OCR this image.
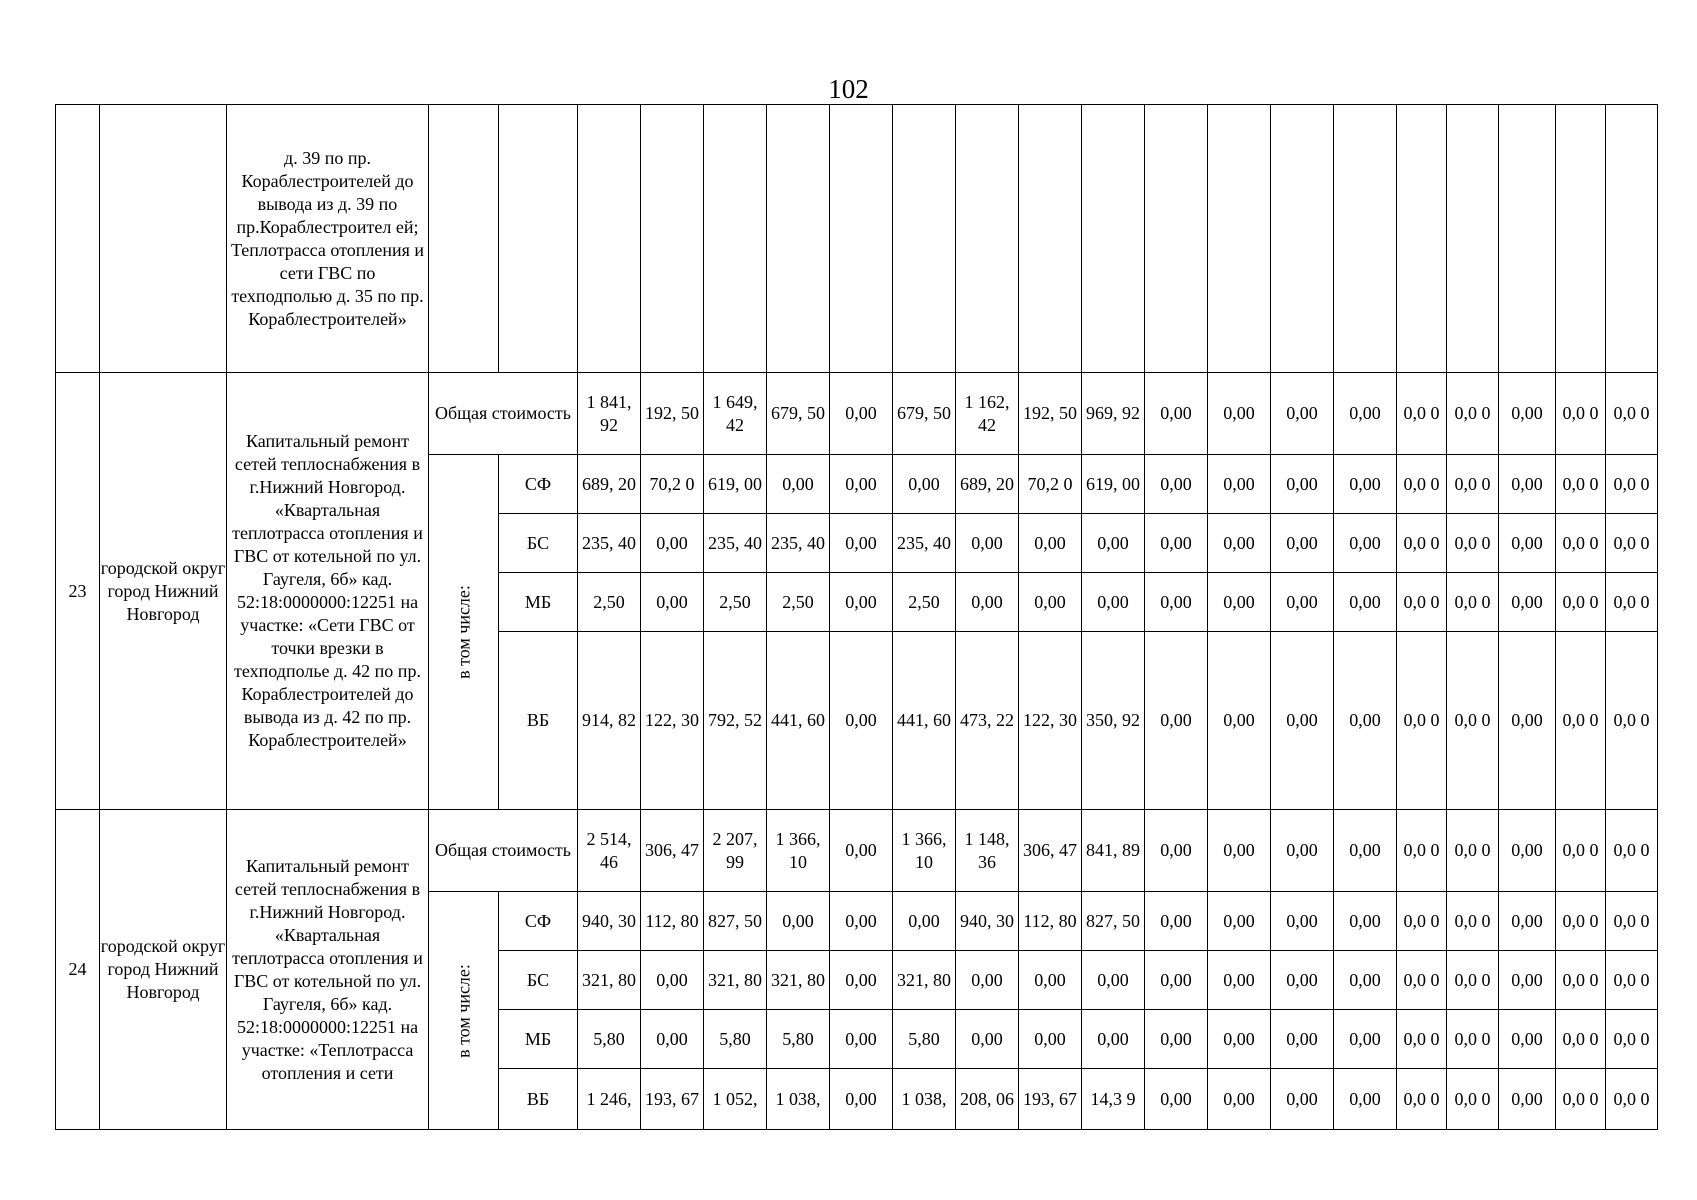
102
		д. 39 по пр. Кораблестроителей до вывода из д. 39 по пр.Кораблестроител ей; Теплотрасса отопления и сети ГВС по техподполью д. 35 по пр. Кораблестроителей»																				
23	городской округ город Нижний Новгород	Капитальный ремонт сетей теплоснабжения в г.Нижний Новгород. «Квартальная теплотрасса отопления и ГВС от котельной по ул. Гаугеля, 6б» кад. 52:18:0000000:12251 на участке: «Сети ГВС от точки врезки в техподполье д. 42 по пр. Кораблестроителей до вывода из д. 42 по пр. Кораблестроителей»	Общая стоимость		1 841, 92	192, 50	1 649, 42	679, 50	0,00	679, 50	1 162, 42	192, 50	969, 92	0,00	0,00	0,00	0,00	0,0 0	0,0 0	0,00	0,0 0	0,0 0

			в том числе:	СФ	689, 20	70,2 0	619, 00	0,00	0,00	0,00	689, 20	70,2 0	619, 00	0,00	0,00	0,00	0,00	0,0 0	0,0 0	0,00	0,0 0	0,0 0
				БС	235, 40	0,00	235, 40	235, 40	0,00	235, 40	0,00	0,00	0,00	0,00	0,00	0,00	0,00	0,0 0	0,0 0	0,00	0,0 0	0,0 0
				МБ	2,50	0,00	2,50	2,50	0,00	2,50	0,00	0,00	0,00	0,00	0,00	0,00	0,00	0,0 0	0,0 0	0,00	0,0 0	0,0 0
				ВБ	914, 82	122, 30	792, 52	441, 60	0,00	441, 60	473, 22	122, 30	350, 92	0,00	0,00	0,00	0,00	0,0 0	0,0 0	0,00	0,0 0	0,0 0
24	городской округ город Нижний Новгород	Капитальный ремонт сетей теплоснабжения в г.Нижний Новгород. «Квартальная теплотрасса отопления и ГВС от котельной по ул. Гаугеля, 6б» кад. 52:18:0000000:12251 на участке: «Теплотрасса отопления и сети	Общая стоимость		2 514, 46	306, 47	2 207, 99	1 366, 10	0,00	1 366, 10	1 148, 36	306, 47	841, 89	0,00	0,00	0,00	0,00	0,0 0	0,0 0	0,00	0,0 0	0,0 0

			в том числе:	СФ	940, 30	112, 80	827, 50	0,00	0,00	0,00	940, 30	112, 80	827, 50	0,00	0,00	0,00	0,00	0,0 0	0,0 0	0,00	0,0 0	0,0 0
				БС	321, 80	0,00	321, 80	321, 80	0,00	321, 80	0,00	0,00	0,00	0,00	0,00	0,00	0,00	0,0 0	0,0 0	0,00	0,0 0	0,0 0
				МБ	5,80	0,00	5,80	5,80	0,00	5,80	0,00	0,00	0,00	0,00	0,00	0,00	0,00	0,0 0	0,0 0	0,00	0,0 0	0,0 0
				ВБ	1 246,	193, 67	1 052,	1 038,	0,00	1 038,	208, 06	193, 67	14,3 9	0,00	0,00	0,00	0,00	0,0 0	0,0 0	0,00	0,0 0	0,0 0
